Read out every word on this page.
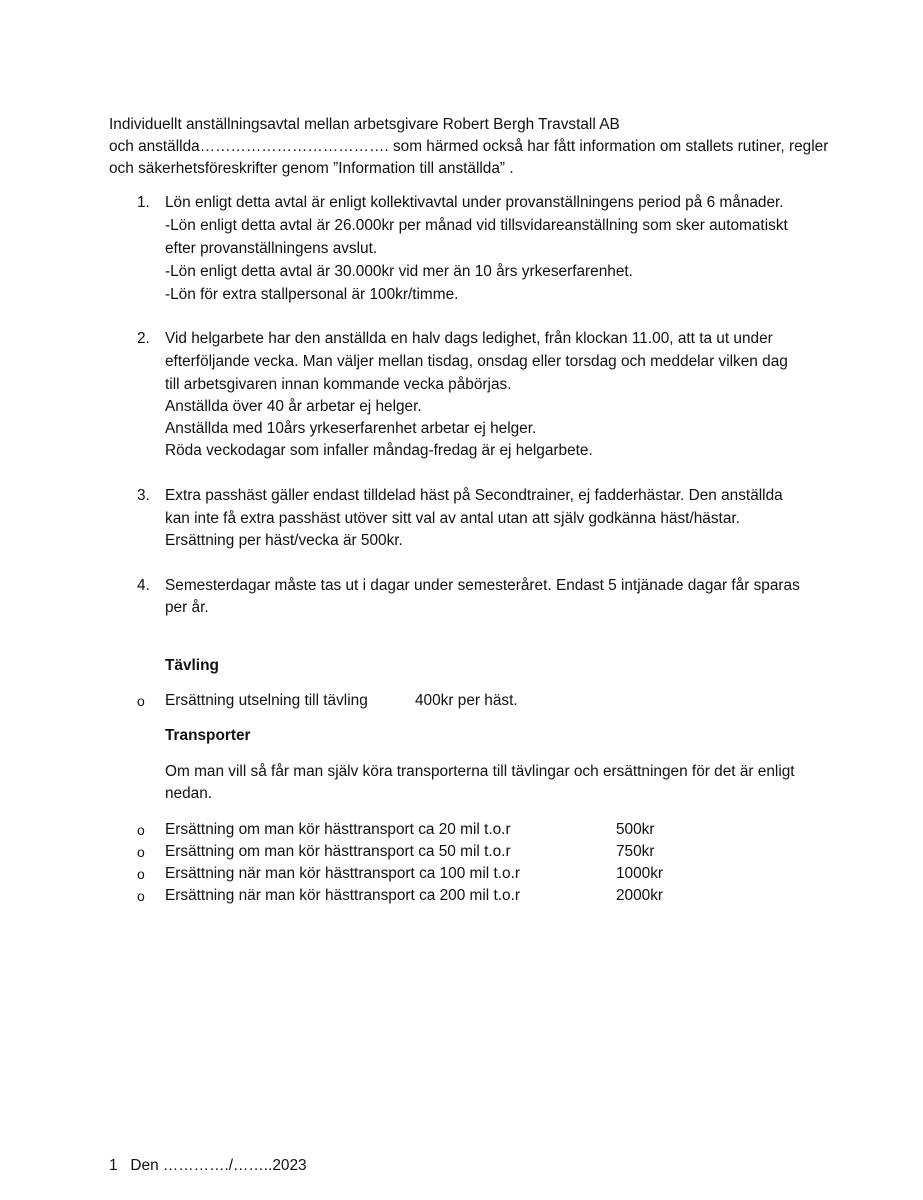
Individuellt anställningsavtal mellan arbetsgivare Robert Bergh Travstall AB
och anställda………………………………. som härmed också har fått information om stallets rutiner, regler
och säkerhetsföreskrifter genom ”Information till anställda” .
1. Lön enligt detta avtal är enligt kollektivavtal under provanställningens period på 6 månader.
-Lön enligt detta avtal är 26.000kr per månad vid tillsvidareanställning som sker automatiskt
efter provanställningens avslut.
-Lön enligt detta avtal är 30.000kr vid mer än 10 års yrkeserfarenhet.
-Lön för extra stallpersonal är 100kr/timme.
2. Vid helgarbete har den anställda en halv dags ledighet, från klockan 11.00, att ta ut under
efterföljande vecka. Man väljer mellan tisdag, onsdag eller torsdag och meddelar vilken dag
till arbetsgivaren innan kommande vecka påbörjas.
Anställda över 40 år arbetar ej helger.
Anställda med 10års yrkeserfarenhet arbetar ej helger.
Röda veckodagar som infaller måndag-fredag är ej helgarbete.
3. Extra passhäst gäller endast tilldelad häst på Secondtrainer, ej fadderhästar. Den anställda
kan inte få extra passhäst utöver sitt val av antal utan att själv godkänna häst/hästar.
Ersättning per häst/vecka är 500kr.
4. Semesterdagar måste tas ut i dagar under semesteråret. Endast 5 intjänade dagar får sparas
per år.
Tävling
o Ersättning utselning till tävling	400kr per häst.
Transporter
Om man vill så får man själv köra transporterna till tävlingar och ersättningen för det är enligt
nedan.
o Ersättning om man kör hästtransport ca 20 mil t.o.r	500kr
o Ersättning om man kör hästtransport ca 50 mil t.o.r	750kr
o Ersättning när man kör hästtransport ca 100 mil t.o.r	1000kr
o Ersättning när man kör hästtransport ca 200 mil t.o.r	2000kr
1 Den …………./……..2023
